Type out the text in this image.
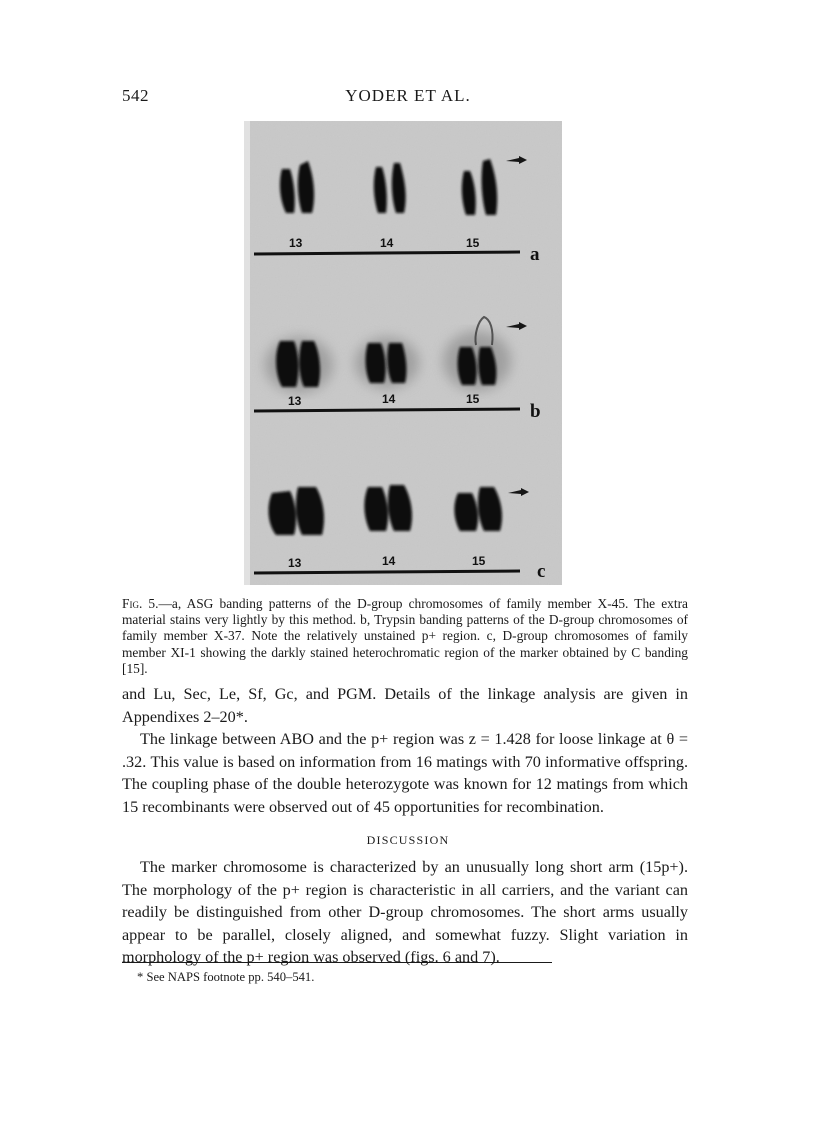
542	YODER ET AL.
13	14	15
a
13	14	15
b
13	14	15	c
Fig. 5.—a, ASG banding patterns of the D-group chromosomes of family member X-45. The extra material stains very lightly by this method. b, Trypsin banding patterns of the D-group chromosomes of family member X-37. Note the relatively unstained p+ region. c, D-group chromosomes of family member XI-1 showing the darkly stained heterochromatic region of the marker obtained by C banding [15].
and Lu, Sec, Le, Sf, Gc, and PGM. Details of the linkage analysis are given in Appendixes 2–20*.
The linkage between ABO and the p+ region was z = 1.428 for loose linkage at θ = .32. This value is based on information from 16 matings with 70 informative offspring. The coupling phase of the double heterozygote was known for 12 matings from which 15 recombinants were observed out of 45 opportunities for recombination.
DISCUSSION
The marker chromosome is characterized by an unusually long short arm (15p+). The morphology of the p+ region is characteristic in all carriers, and the variant can readily be distinguished from other D-group chromosomes. The short arms usually appear to be parallel, closely aligned, and somewhat fuzzy. Slight variation in morphology of the p+ region was observed (figs. 6 and 7).
* See NAPS footnote pp. 540–541.
